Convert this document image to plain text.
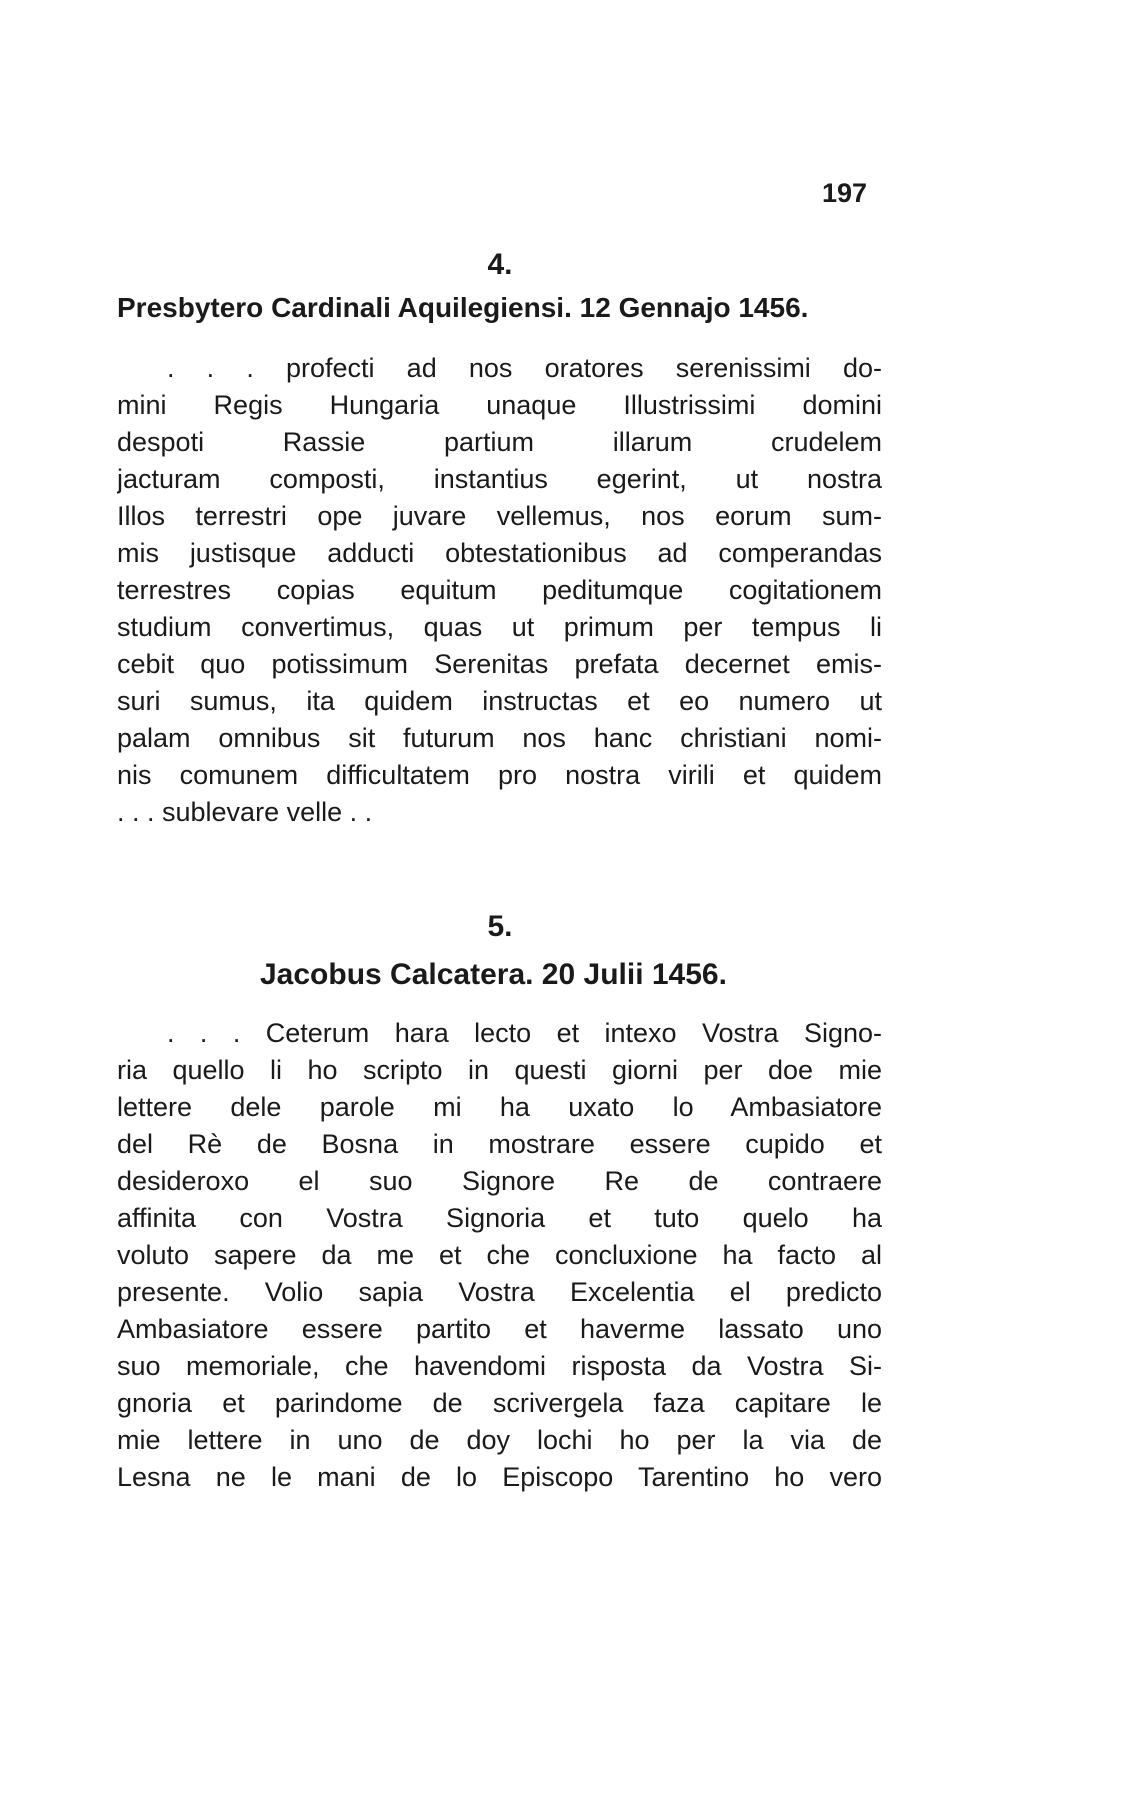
197
4.
Presbytero Cardinali Aquilegiensi. 12 Gennajo 1456.
. . . profecti ad nos oratores serenissimi do-
mini Regis Hungaria unaque Illustrissimi domini
despoti Rassie partium illarum crudelem
jacturam composti, instantius egerint, ut nostra
Illos terrestri ope juvare vellemus, nos eorum sum-
mis justisque adducti obtestationibus ad comperandas
terrestres copias equitum peditumque cogitationem
studium convertimus, quas ut primum per tempus li
cebit quo potissimum Serenitas prefata decernet emis-
suri sumus, ita quidem instructas et eo numero ut
palam omnibus sit futurum nos hanc christiani nomi-
nis comunem difficultatem pro nostra virili et quidem
. . . sublevare velle . .
5.
Jacobus Calcatera. 20 Julii 1456.
. . . Ceterum hara lecto et intexo Vostra Signo-
ria quello li ho scripto in questi giorni per doe mie
lettere dele parole mi ha uxato lo Ambasiatore
del Rè de Bosna in mostrare essere cupido et
desideroxo el suo Signore Re de contraere
affinita con Vostra Signoria et tuto quelo ha
voluto sapere da me et che concluxione ha facto al
presente. Volio sapia Vostra Excelentia el predicto
Ambasiatore essere partito et haverme lassato uno
suo memoriale, che havendomi risposta da Vostra Si-
gnoria et parindome de scrivergela faza capitare le
mie lettere in uno de doy lochi ho per la via de
Lesna ne le mani de lo Episcopo Tarentino ho vero
